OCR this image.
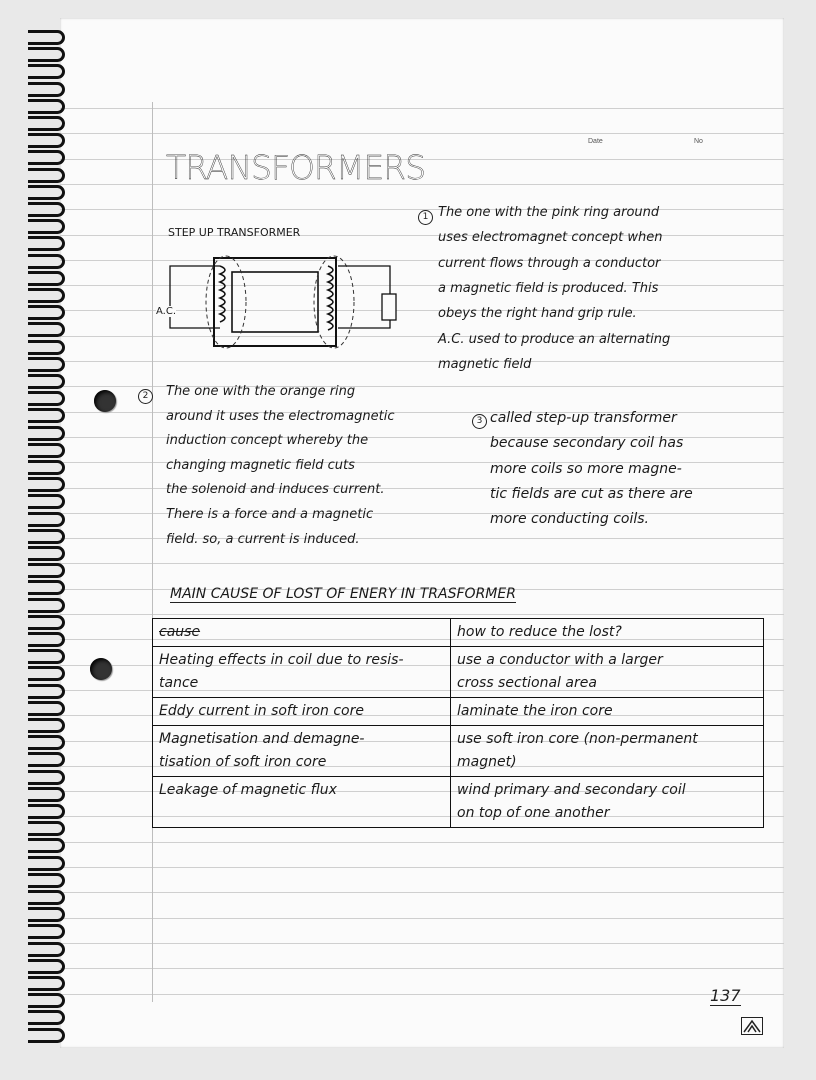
Date	No
TRANSFORMERS
STEP UP TRANSFORMER
A.C.
1 The one with the pink ring around
uses electromagnet concept when
current flows through a conductor
a magnetic field is produced. This
obeys the right hand grip rule.
A.C. used to produce an alternating
magnetic field
2	The one with the orange ring
around it uses the electromagnetic
induction concept whereby the
changing magnetic field cuts
the solenoid and induces current.
There is a force and a magnetic
field. so, a current is induced.
3 called step-up transformer
because secondary coil has
more coils so more magne-
tic fields are cut as there are
more conducting coils.
MAIN CAUSE OF LOST OF ENERY IN TRASFORMER
cause	how to reduce the lost?
Heating effects in coil due to resis-
tance	use a conductor with a larger
cross sectional area
Eddy current in soft iron core	laminate the iron core
Magnetisation and demagne-
tisation of soft iron core	use soft iron core (non-permanent
magnet)
Leakage of magnetic flux	wind primary and secondary coil
on top of one another
137
